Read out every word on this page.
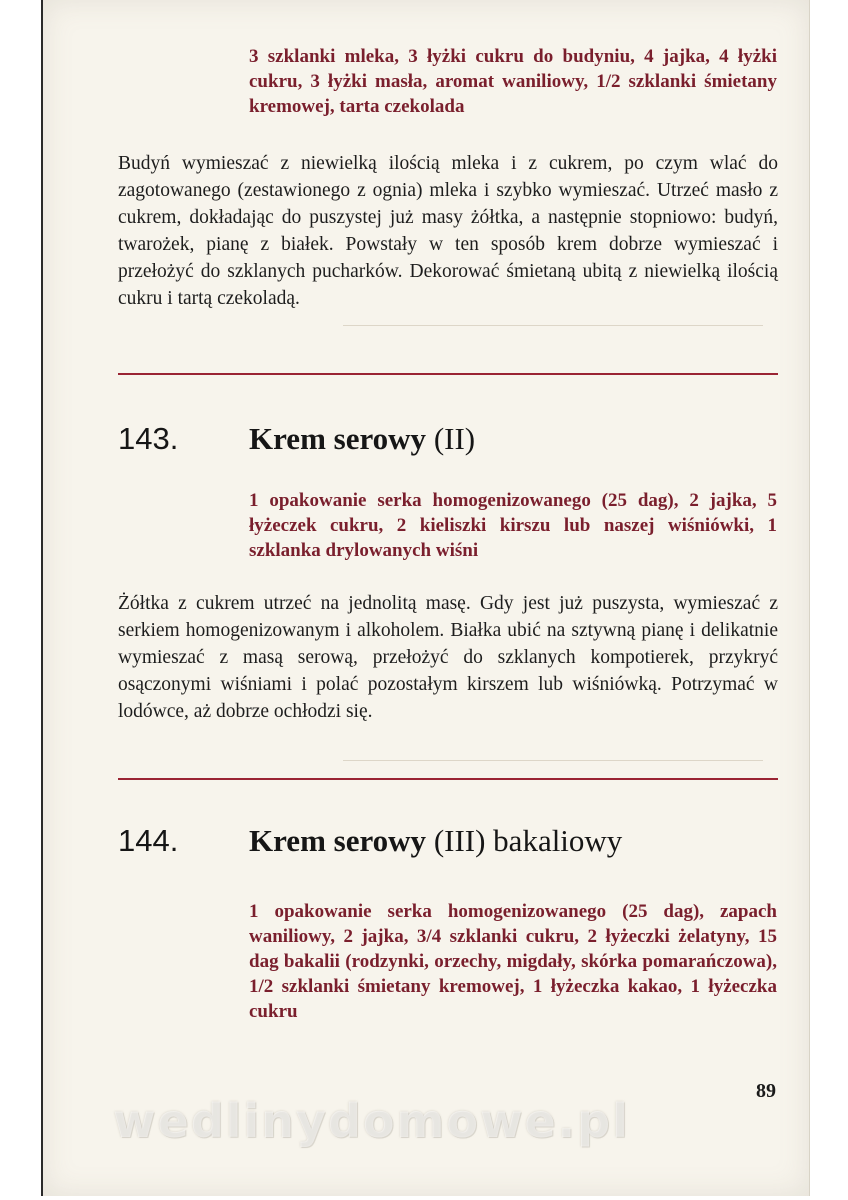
3 szklanki mleka, 3 łyżki cukru do budyniu, 4 jajka, 4 łyżki cukru, 3 łyżki masła, aromat waniliowy, 1/2 szklanki śmietany kremowej, tarta czekolada
Budyń wymieszać z niewielką ilością mleka i z cukrem, po czym wlać do zagotowanego (zestawionego z ognia) mleka i szybko wymieszać. Utrzeć masło z cukrem, dokładając do puszystej już masy żółtka, a następnie stopniowo: budyń, twarożek, pianę z białek. Powstały w ten sposób krem dobrze wymieszać i przełożyć do szklanych pucharków. Dekorować śmietaną ubitą z niewielką ilością cukru i tartą czekoladą.
143. Krem serowy (II)
1 opakowanie serka homogenizowanego (25 dag), 2 jajka, 5 łyżeczek cukru, 2 kieliszki kirszu lub naszej wiśniówki, 1 szklanka drylowanych wiśni
Żółtka z cukrem utrzeć na jednolitą masę. Gdy jest już puszysta, wymieszać z serkiem homogenizowanym i alkoholem. Białka ubić na sztywną pianę i delikatnie wymieszać z masą serową, przełożyć do szklanych kompotierek, przykryć osączonymi wiśniami i polać pozostałym kirszem lub wiśniówką. Potrzymać w lodówce, aż dobrze ochłodzi się.
144. Krem serowy (III) bakaliowy
1 opakowanie serka homogenizowanego (25 dag), zapach waniliowy, 2 jajka, 3/4 szklanki cukru, 2 łyżeczki żelatyny, 15 dag bakalii (rodzynki, orzechy, migdały, skórka pomarańczowa), 1/2 szklanki śmietany kremowej, 1 łyżeczka kakao, 1 łyżeczka cukru
89
wedlinydomowe.pl
